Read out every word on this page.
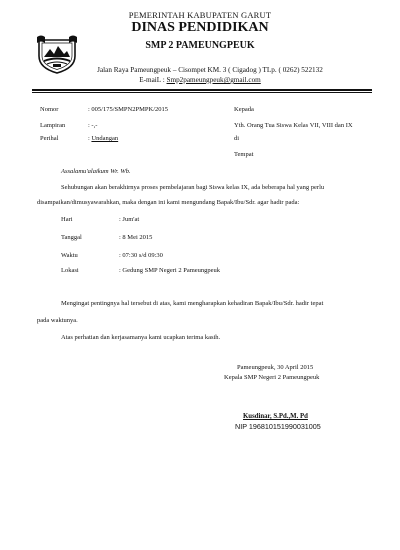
PEMERINTAH KABUPATEN GARUT
DINAS PENDIDIKAN
SMP 2 PAMEUNGPEUK
Jalan Raya Pameungpeuk – Cisompet KM. 3 ( Cigadog ) TLp. ( 0262) 522132
E-maiL : Smp2pameungpeuk@gmail.com
Nomor	: 005/175/SMPN2PMPK/2015
Lampiran	: -,-
Perihal	: Undangan
Kepada
Yth. Orang Tua Siswa Kelas VII, VIII dan IX
di
Tempat
Assalamu'alaikum Wr. Wb.
Sehubungan akan berakhirnya proses pembelajaran bagi Siswa kelas IX, ada beberapa hal yang perlu
disampaikan/dimusyawarahkan, maka dengan ini kami mengundang Bapak/Ibu/Sdr. agar hadir pada:
Hari	: Jum'at
Tanggal	: 8 Mei 2015
Waktu	: 07:30 s/d 09:30
Lokasi	: Gedung SMP Negeri 2 Pameungpeuk
Mengingat pentingnya hal tersebut di atas, kami mengharapkan kehadiran Bapak/Ibu/Sdr. hadir tepat
pada waktunya.
Atas perhatian dan kerjasamanya kami ucapkan terima kasih.
Pameungpeuk, 30 April 2015
Kepala SMP Negeri 2 Pameungpeuk
Kusdinar, S.Pd.,M. Pd
NIP 196810151990031005
